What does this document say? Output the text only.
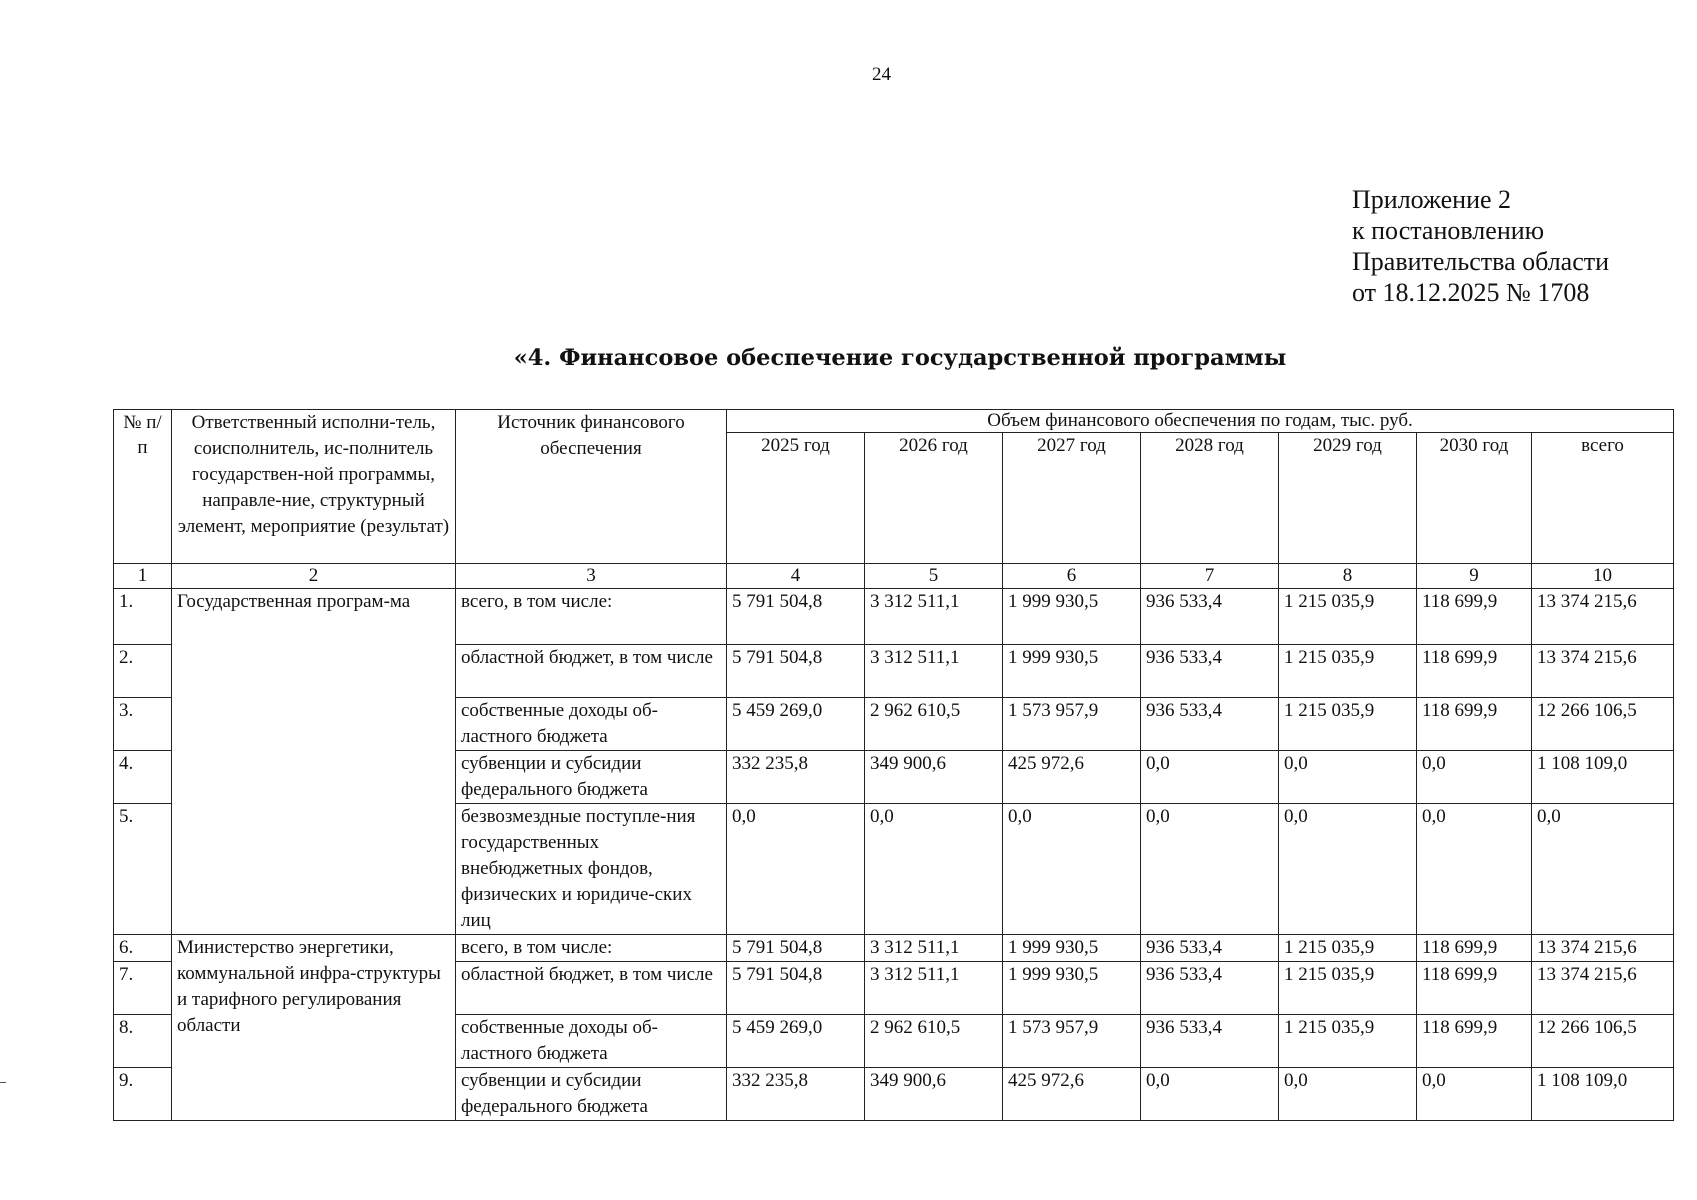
24
Приложение 2
к постановлению
Правительства области
от 18.12.2025 № 1708
«4. Финансовое обеспечение государственной программы
№ п/п	Ответственный исполни-тель, соисполнитель, ис-полнитель государствен-ной программы, направле-ние, структурный элемент, мероприятие (результат)	Источник финансового обеспечения	Объем финансового обеспечения по годам, тыс. руб.						
			2025 год	2026 год	2027 год	2028 год	2029 год	2030 год	всего
1	2	3	4	5	6	7	8	9	10
1.	Государственная програм-ма	всего, в том числе:	5 791 504,8	3 312 511,1	1 999 930,5	936 533,4	1 215 035,9	118 699,9	13 374 215,6
2.		областной бюджет, в том числе	5 791 504,8	3 312 511,1	1 999 930,5	936 533,4	1 215 035,9	118 699,9	13 374 215,6
3.		собственные доходы об-ластного бюджета	5 459 269,0	2 962 610,5	1 573 957,9	936 533,4	1 215 035,9	118 699,9	12 266 106,5
4.		субвенции и субсидии федерального бюджета	332 235,8	349 900,6	425 972,6	0,0	0,0	0,0	1 108 109,0
5.		безвозмездные поступле-ния государственных внебюджетных фондов, физических и юридиче-ских лиц	0,0	0,0	0,0	0,0	0,0	0,0	0,0
6.	Министерство энергетики, коммунальной инфра-структуры и тарифного регулирования области	всего, в том числе:	5 791 504,8	3 312 511,1	1 999 930,5	936 533,4	1 215 035,9	118 699,9	13 374 215,6
7.		областной бюджет, в том числе	5 791 504,8	3 312 511,1	1 999 930,5	936 533,4	1 215 035,9	118 699,9	13 374 215,6
8.		собственные доходы об-ластного бюджета	5 459 269,0	2 962 610,5	1 573 957,9	936 533,4	1 215 035,9	118 699,9	12 266 106,5
9.		субвенции и субсидии федерального бюджета	332 235,8	349 900,6	425 972,6	0,0	0,0	0,0	1 108 109,0
